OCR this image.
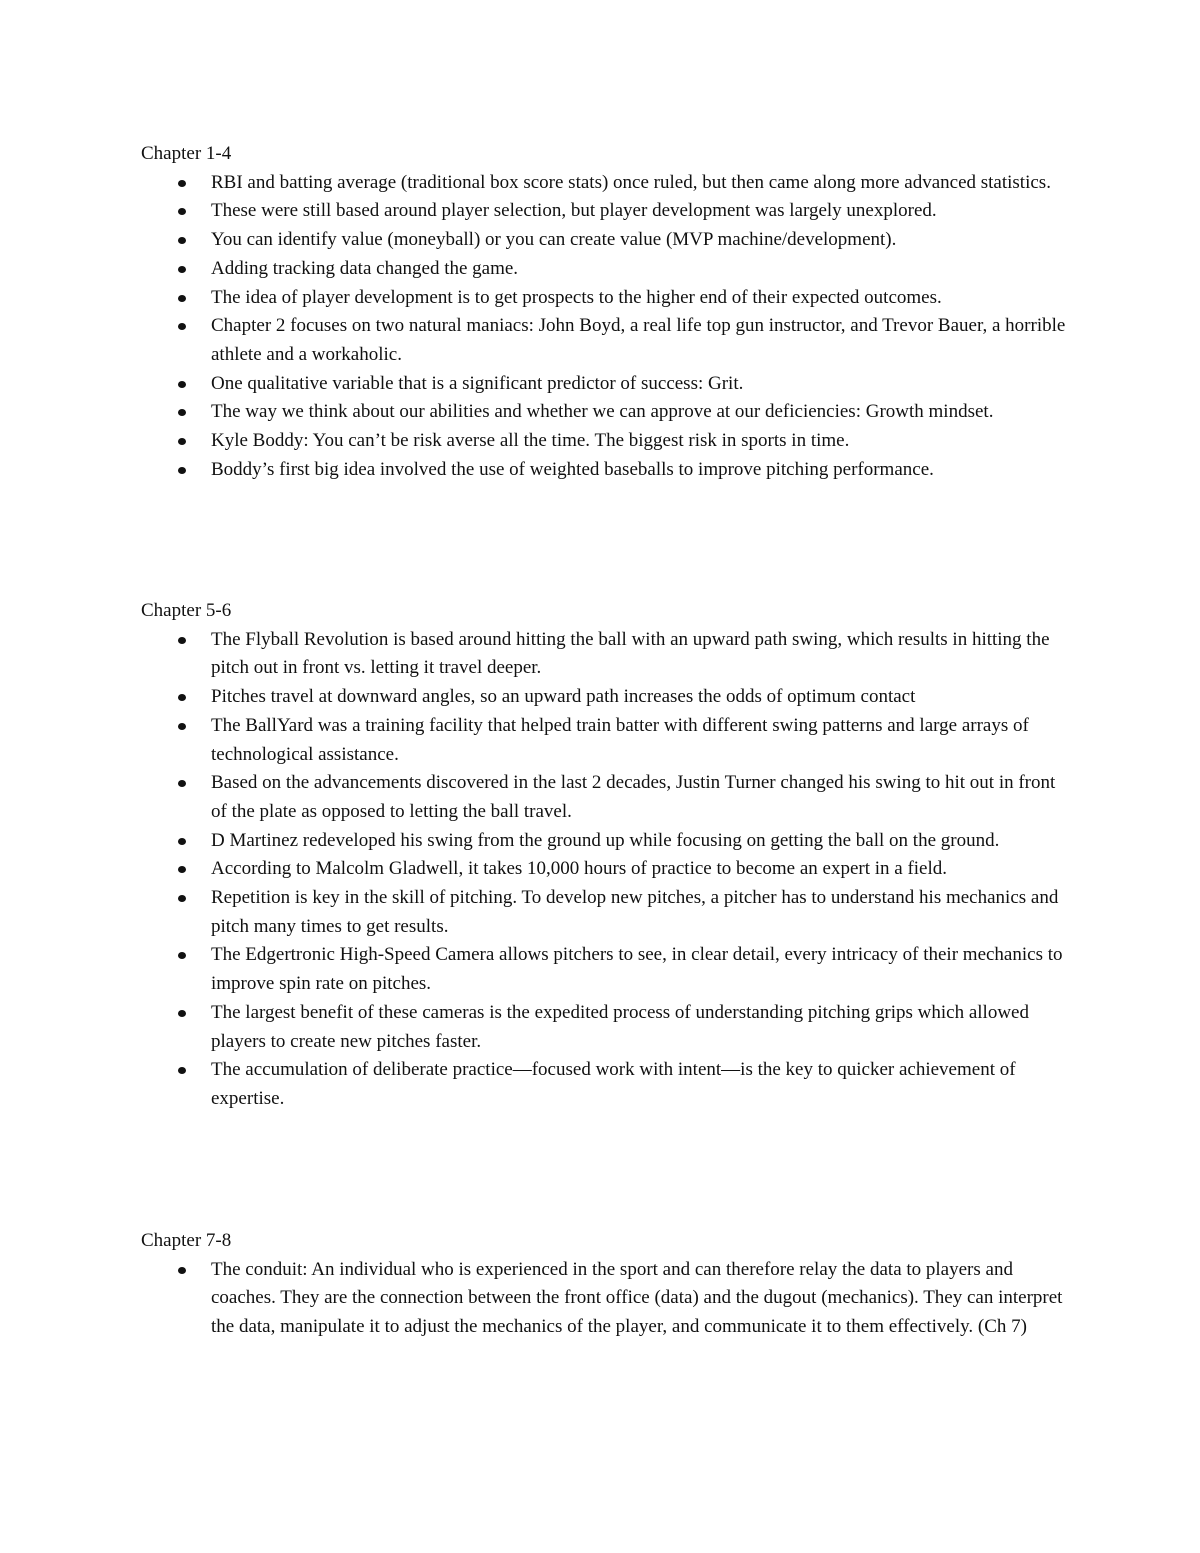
Chapter 1-4

RBI and batting average (traditional box score stats) once ruled, but then came along more advanced statistics.
These were still based around player selection, but player development was largely unexplored.
You can identify value (moneyball) or you can create value (MVP machine/development).
Adding tracking data changed the game.
The idea of player development is to get prospects to the higher end of their expected outcomes.
Chapter 2 focuses on two natural maniacs: John Boyd, a real life top gun instructor, and Trevor Bauer, a horrible athlete and a workaholic.
One qualitative variable that is a significant predictor of success: Grit.
The way we think about our abilities and whether we can approve at our deficiencies: Growth mindset.
Kyle Boddy: You can’t be risk averse all the time. The biggest risk in sports in time.
Boddy’s first big idea involved the use of weighted baseballs to improve pitching performance.

Chapter 5-6

The Flyball Revolution is based around hitting the ball with an upward path swing, which results in hitting the pitch out in front vs. letting it travel deeper.
Pitches travel at downward angles, so an upward path increases the odds of optimum contact
The BallYard was a training facility that helped train batter with different swing patterns and large arrays of technological assistance.
Based on the advancements discovered in the last 2 decades, Justin Turner changed his swing to hit out in front of the plate as opposed to letting the ball travel.
D Martinez redeveloped his swing from the ground up while focusing on getting the ball on the ground.
According to Malcolm Gladwell, it takes 10,000 hours of practice to become an expert in a field.
Repetition is key in the skill of pitching. To develop new pitches, a pitcher has to understand his mechanics and pitch many times to get results.
The Edgertronic High-Speed Camera allows pitchers to see, in clear detail, every intricacy of their mechanics to improve spin rate on pitches.
The largest benefit of these cameras is the expedited process of understanding pitching grips which allowed players to create new pitches faster.
The accumulation of deliberate practice—focused work with intent—is the key to quicker achievement of expertise.

Chapter 7-8

The conduit: An individual who is experienced in the sport and can therefore relay the data to players and coaches. They are the connection between the front office (data) and the dugout (mechanics). They can interpret the data, manipulate it to adjust the mechanics of the player, and communicate it to them effectively. (Ch 7)
